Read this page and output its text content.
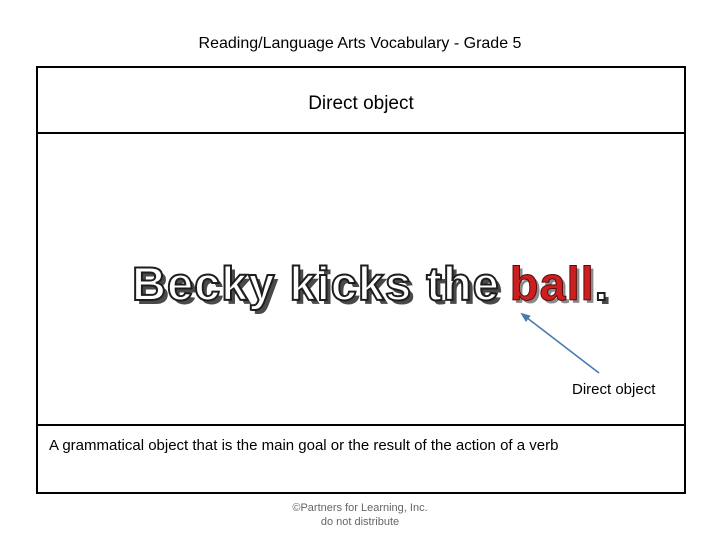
Reading/Language Arts Vocabulary - Grade 5
Direct object
Becky kicks the ball.
Direct object
A grammatical object that is the main goal or the result of the action of a verb
©Partners for Learning, Inc.
do not distribute
